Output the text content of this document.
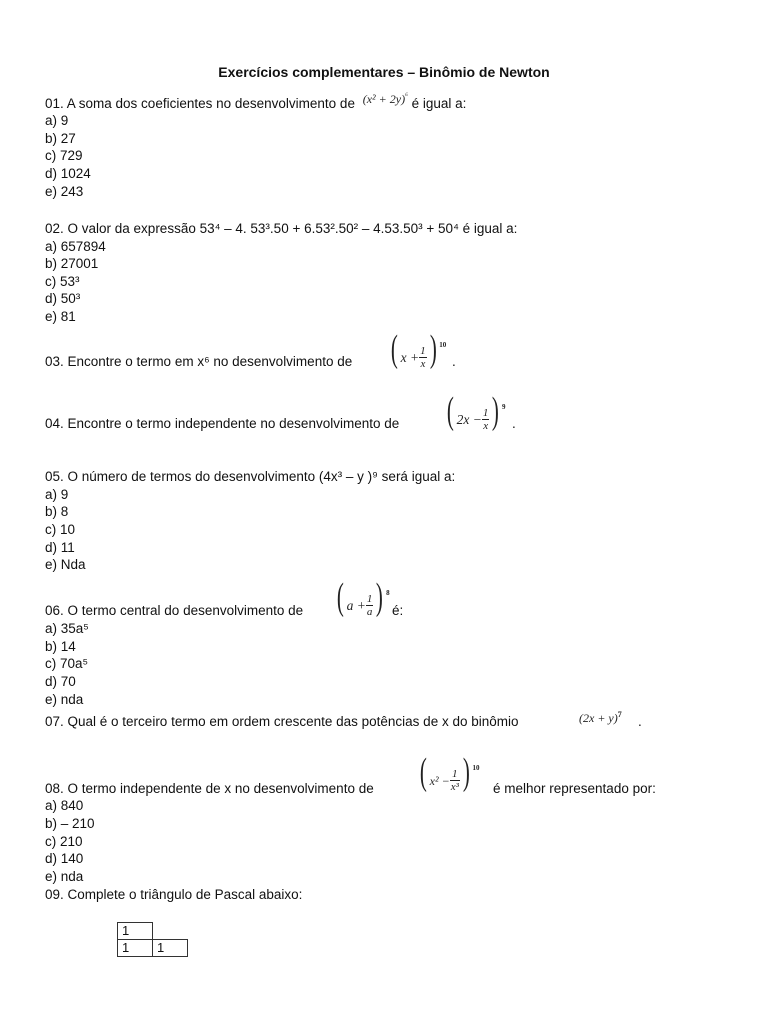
Exercícios complementares – Binômio de Newton
01. A soma dos coeficientes no desenvolvimento de $(x^2 + 2y)^{^6}$ é igual a:
a) 9
b) 27
c) 729
d) 1024
e) 243
02. O valor da expressão 53⁴ – 4. 53³.50 + 6.53².50² – 4.53.50³ + 50⁴ é igual a:
a) 657894
b) 27001
c) 53³
d) 50³
e) 81
03. Encontre o termo em x⁶ no desenvolvimento de ( $x + \frac{1}{x}$ ) $^{10}$
.
04. Encontre o termo independente no desenvolvimento de ( $2x - \frac{1}{x}$ ) $^9$
.
05. O número de termos do desenvolvimento (4x³ – y )⁹ será igual a:
a) 9
b) 8
c) 10
d) 11
e) Nda
06. O termo central do desenvolvimento de ( $a + \frac{1}{a}$ ) $^8$
é:
a) 35a⁵
b) 14
c) 70a⁵
d) 70
e) nda
07. Qual é o terceiro termo em ordem crescente das potências de x do binômio	$(2x + y)^7$ .
08. O termo independente de x no desenvolvimento de ( $x^2 - \frac{1}{\text{x³}}$ ) $^{10}$
é melhor representado por:
a) 840
b) – 210
c) 210
d) 140
e) nda
09. Complete o triângulo de Pascal abaixo:
1	
1	1
